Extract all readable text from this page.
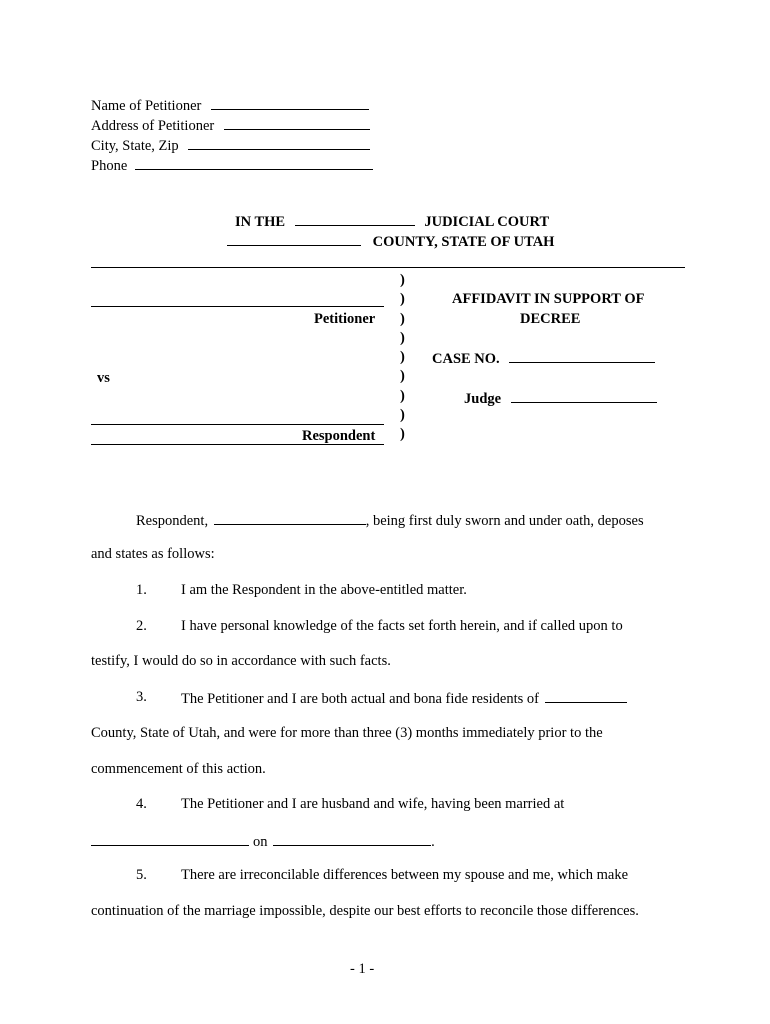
Name of Petitioner
Address of Petitioner
City, State, Zip
Phone
IN THE	JUDICIAL COURT
COUNTY, STATE OF UTAH
)
)
)
)
)
)
)
)
)
Petitioner
vs
Respondent
AFFIDAVIT IN SUPPORT OF
DECREE
CASE NO.
Judge
Respondent,	, being first duly sworn and under oath, deposes
and states as follows:
1. I am the Respondent in the above-entitled matter.
2. I have personal knowledge of the facts set forth herein, and if called upon to
testify, I would do so in accordance with such facts.
3. The Petitioner and I are both actual and bona fide residents of
County, State of Utah, and were for more than three (3) months immediately prior to the
commencement of this action.
4. The Petitioner and I are husband and wife, having been married at
on	.
5. There are irreconcilable differences between my spouse and me, which make
continuation of the marriage impossible, despite our best efforts to reconcile those differences.
- 1 -
